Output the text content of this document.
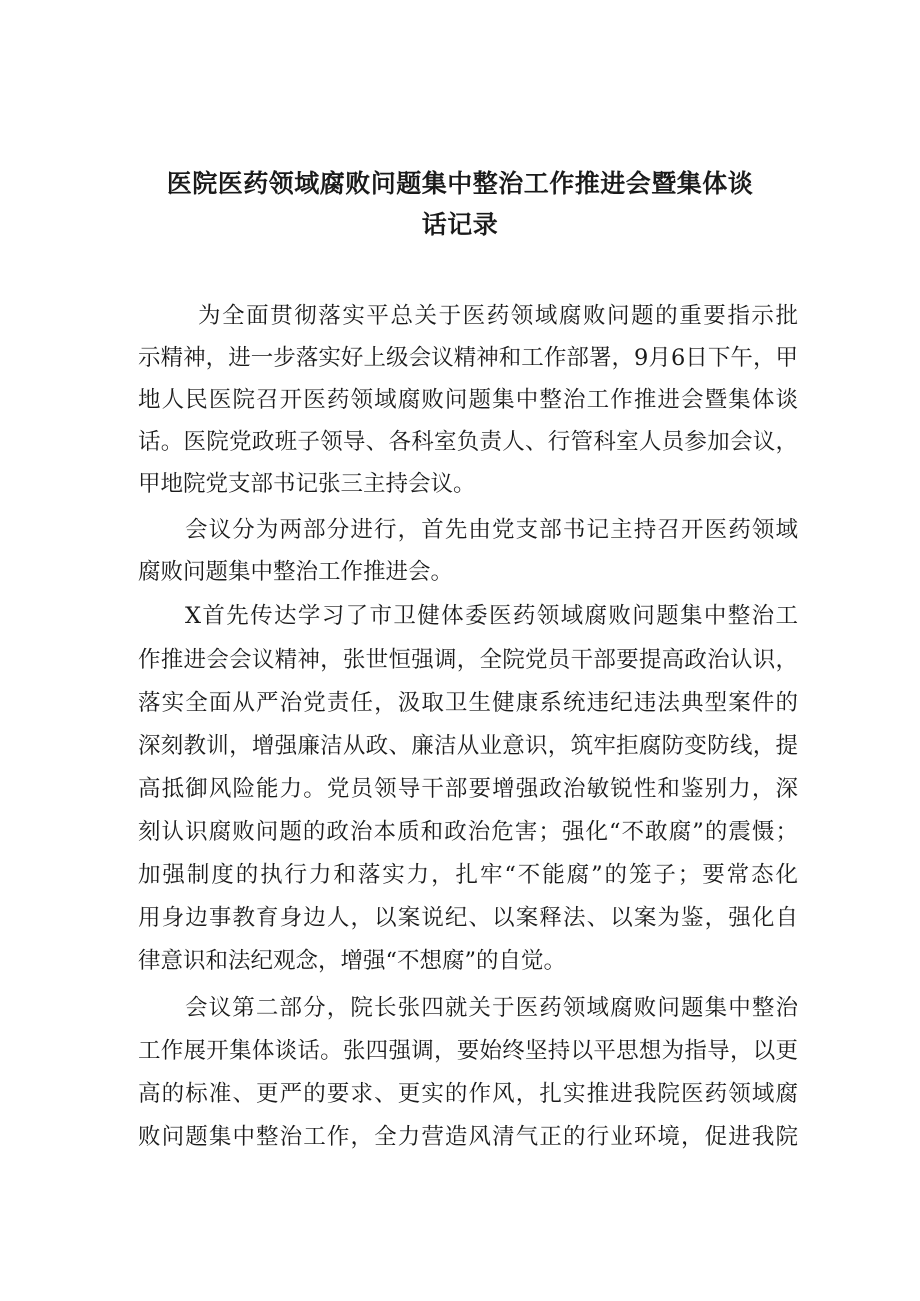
医院医药领域腐败问题集中整治工作推进会暨集体谈
话记录
为全面贯彻落实平总关于医药领域腐败问题的重要指示批
示精神，进一步落实好上级会议精神和工作部署，9月6日下午，甲
地人民医院召开医药领域腐败问题集中整治工作推进会暨集体谈
话。医院党政班子领导、各科室负责人、行管科室人员参加会议，
甲地院党支部书记张三主持会议。
会议分为两部分进行，首先由党支部书记主持召开医药领域
腐败问题集中整治工作推进会。
X首先传达学习了市卫健体委医药领域腐败问题集中整治工
作推进会会议精神，张世恒强调，全院党员干部要提高政治认识，
落实全面从严治党责任，汲取卫生健康系统违纪违法典型案件的
深刻教训，增强廉洁从政、廉洁从业意识，筑牢拒腐防变防线，提
高抵御风险能力。党员领导干部要增强政治敏锐性和鉴别力，深
刻认识腐败问题的政治本质和政治危害；强化“不敢腐”的震慑；
加强制度的执行力和落实力，扎牢“不能腐”的笼子；要常态化
用身边事教育身边人，以案说纪、以案释法、以案为鉴，强化自
律意识和法纪观念，增强“不想腐”的自觉。
会议第二部分，院长张四就关于医药领域腐败问题集中整治
工作展开集体谈话。张四强调，要始终坚持以平思想为指导，以更
高的标准、更严的要求、更实的作风，扎实推进我院医药领域腐
败问题集中整治工作，全力营造风清气正的行业环境，促进我院
